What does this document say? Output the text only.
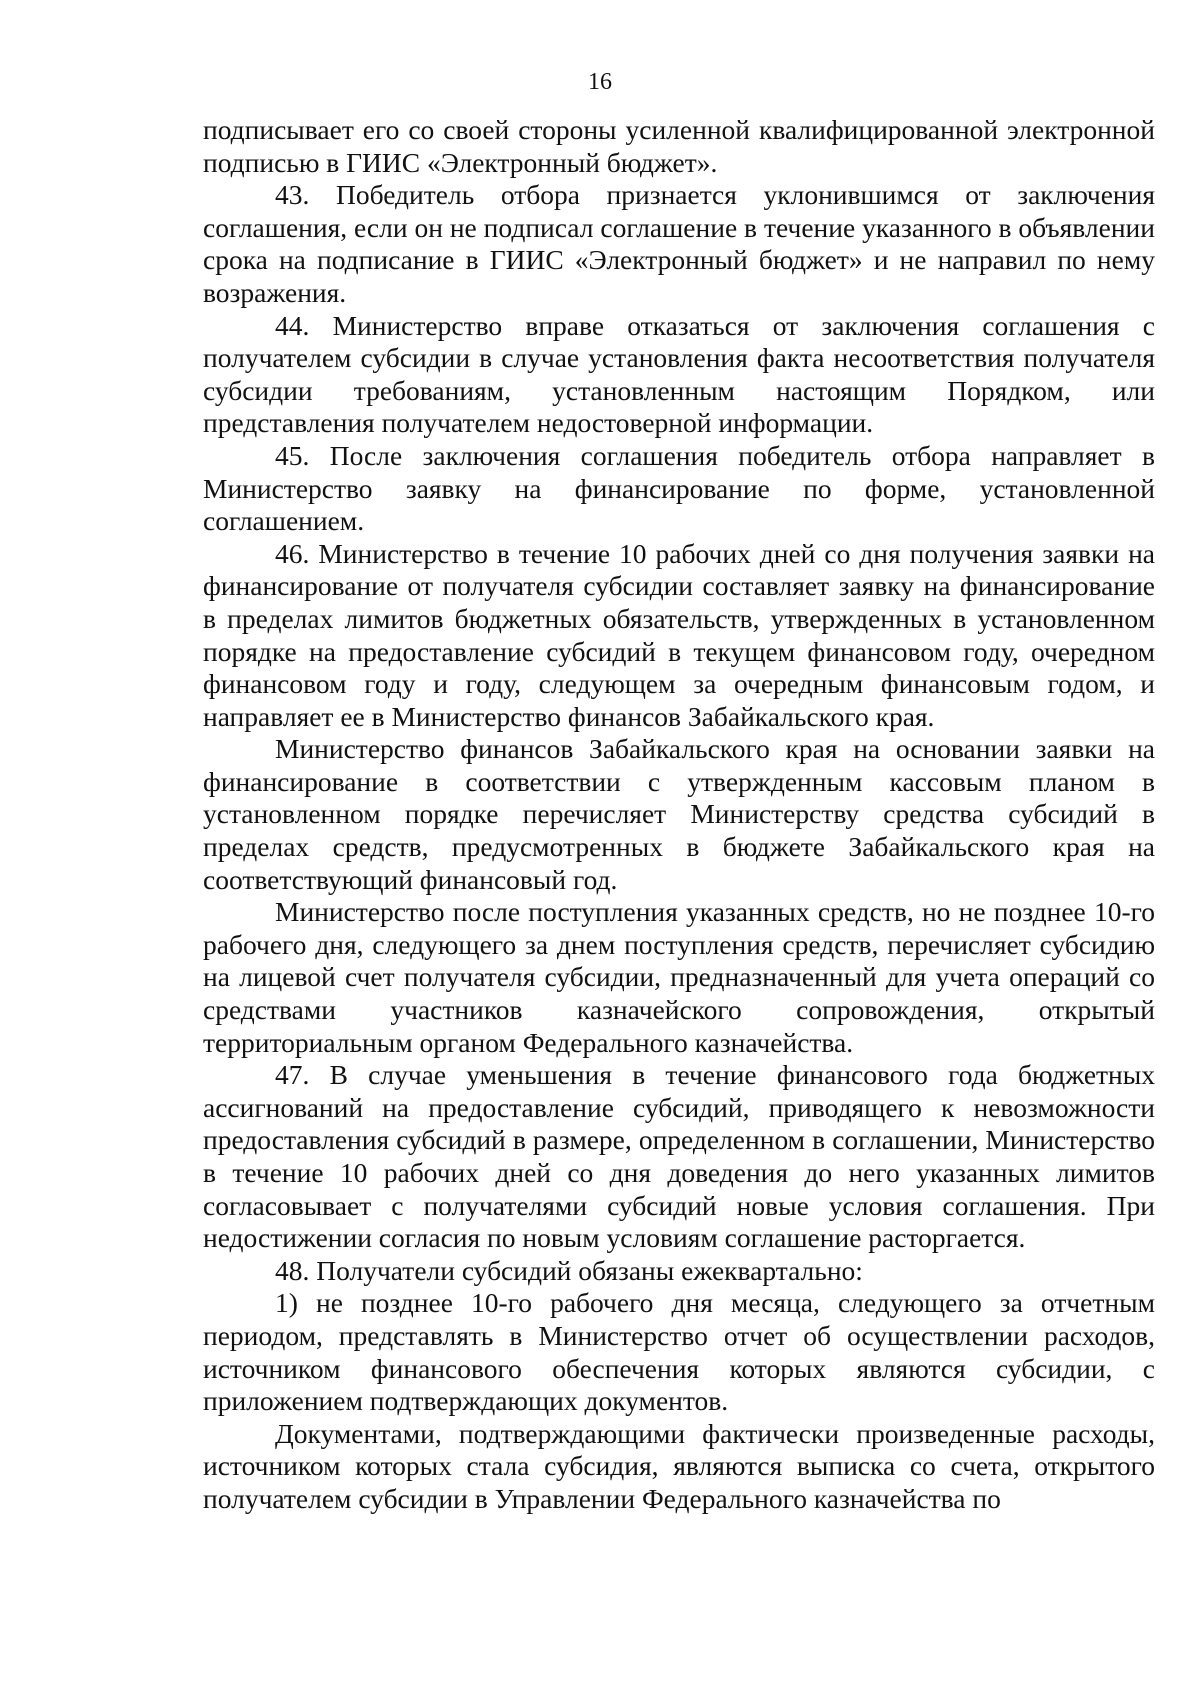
16

подписывает его со своей стороны усиленной квалифицированной электронной подписью в ГИИС «Электронный бюджет».

43. Победитель отбора признается уклонившимся от заключения соглашения, если он не подписал соглашение в течение указанного в объявлении срока на подписание в ГИИС «Электронный бюджет» и не направил по нему возражения.

44. Министерство вправе отказаться от заключения соглашения с получателем субсидии в случае установления факта несоответствия получателя субсидии требованиям, установленным настоящим Порядком, или представления получателем недостоверной информации.

45. После заключения соглашения победитель отбора направляет в Министерство заявку на финансирование по форме, установленной соглашением.

46. Министерство в течение 10 рабочих дней со дня получения заявки на финансирование от получателя субсидии составляет заявку на финансирование в пределах лимитов бюджетных обязательств, утвержденных в установленном порядке на предоставление субсидий в текущем финансовом году, очередном финансовом году и году, следующем за очередным финансовым годом, и направляет ее в Министерство финансов Забайкальского края.

Министерство финансов Забайкальского края на основании заявки на финансирование в соответствии с утвержденным кассовым планом в установленном порядке перечисляет Министерству средства субсидий в пределах средств, предусмотренных в бюджете Забайкальского края на соответствующий финансовый год.

Министерство после поступления указанных средств, но не позднее 10-го рабочего дня, следующего за днем поступления средств, перечисляет субсидию на лицевой счет получателя субсидии, предназначенный для учета операций со средствами участников казначейского сопровождения, открытый территориальным органом Федерального казначейства.

47. В случае уменьшения в течение финансового года бюджетных ассигнований на предоставление субсидий, приводящего к невозможности предоставления субсидий в размере, определенном в соглашении, Министерство в течение 10 рабочих дней со дня доведения до него указанных лимитов согласовывает с получателями субсидий новые условия соглашения. При недостижении согласия по новым условиям соглашение расторгается.

48. Получатели субсидий обязаны ежеквартально:

1) не позднее 10-го рабочего дня месяца, следующего за отчетным периодом, представлять в Министерство отчет об осуществлении расходов, источником финансового обеспечения которых являются субсидии, с приложением подтверждающих документов.

Документами, подтверждающими фактически произведенные расходы, источником которых стала субсидия, являются выписка со счета, открытого получателем субсидии в Управлении Федерального казначейства по
